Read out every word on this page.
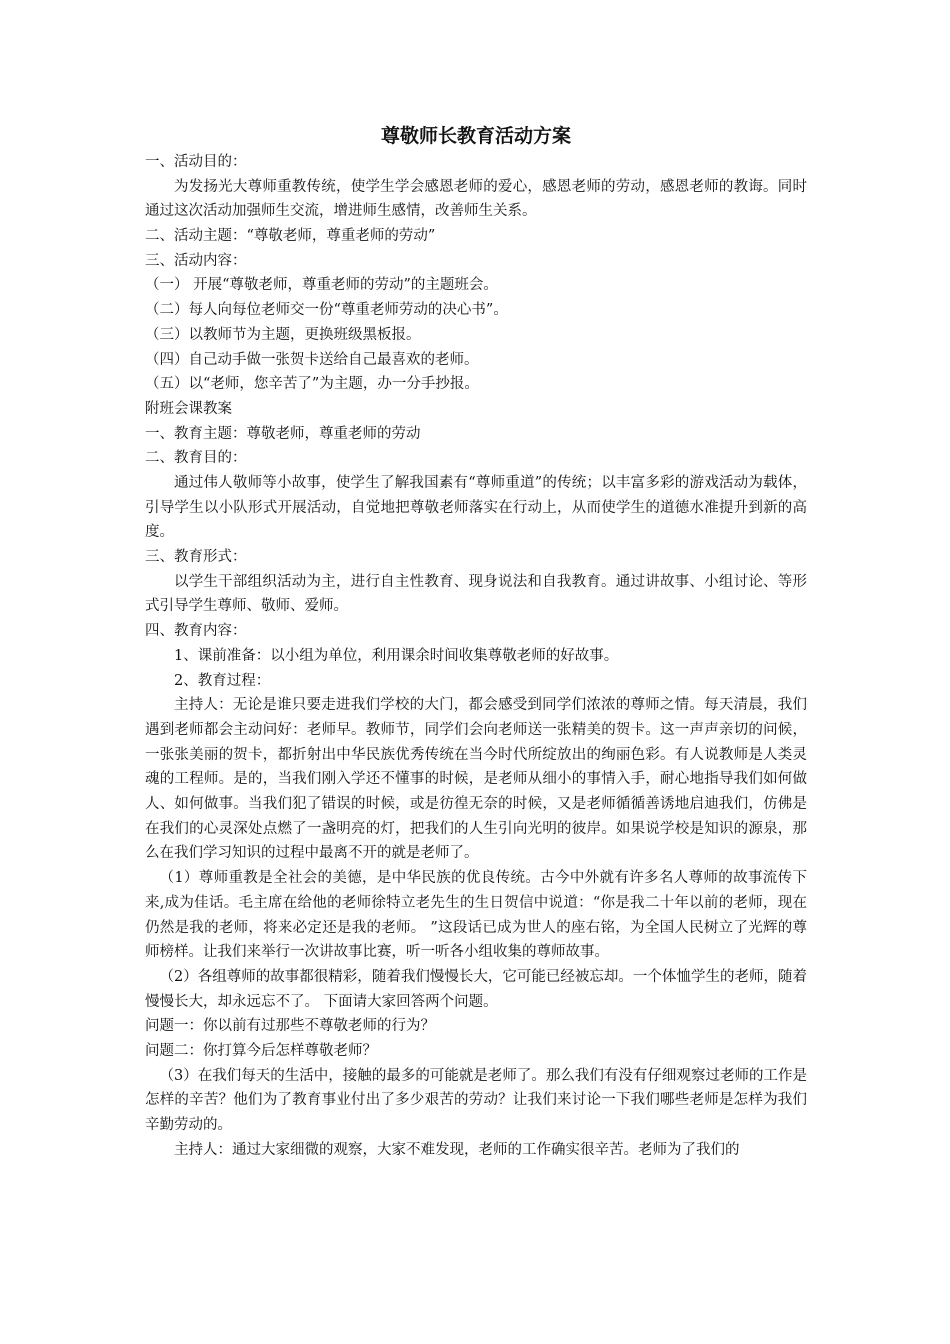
尊敬师长教育活动方案

一、活动目的：

为发扬光大尊师重教传统，使学生学会感恩老师的爱心，感恩老师的劳动，感恩老师的教诲。同时通过这次活动加强师生交流，增进师生感情，改善师生关系。

二、活动主题：“尊敬老师，尊重老师的劳动”

三、活动内容：

（一） 开展“尊敬老师，尊重老师的劳动”的主题班会。

（二）每人向每位老师交一份“尊重老师劳动的决心书”。

（三）以教师节为主题，更换班级黑板报。

（四）自己动手做一张贺卡送给自己最喜欢的老师。

（五）以“老师，您辛苦了”为主题，办一分手抄报。

附班会课教案

一、教育主题：尊敬老师，尊重老师的劳动

二、教育目的：

通过伟人敬师等小故事，使学生了解我国素有“尊师重道”的传统；以丰富多彩的游戏活动为载体，引导学生以小队形式开展活动，自觉地把尊敬老师落实在行动上，从而使学生的道德水准提升到新的高度。

三、教育形式：

以学生干部组织活动为主，进行自主性教育、现身说法和自我教育。通过讲故事、小组讨论、等形式引导学生尊师、敬师、爱师。

四、教育内容：

1、课前准备：以小组为单位，利用课余时间收集尊敬老师的好故事。

2、教育过程：

主持人：无论是谁只要走进我们学校的大门，都会感受到同学们浓浓的尊师之情。每天清晨，我们遇到老师都会主动问好：老师早。教师节，同学们会向老师送一张精美的贺卡。这一声声亲切的问候，一张张美丽的贺卡，都折射出中华民族优秀传统在当今时代所绽放出的绚丽色彩。有人说教师是人类灵魂的工程师。是的，当我们刚入学还不懂事的时候，是老师从细小的事情入手，耐心地指导我们如何做人、如何做事。当我们犯了错误的时候，或是彷徨无奈的时候，又是老师循循善诱地启迪我们，仿佛是在我们的心灵深处点燃了一盏明亮的灯，把我们的人生引向光明的彼岸。如果说学校是知识的源泉，那么在我们学习知识的过程中最离不开的就是老师了。

（1）尊师重教是全社会的美德，是中华民族的优良传统。古今中外就有许多名人尊师的故事流传下来,成为佳话。毛主席在给他的老师徐特立老先生的生日贺信中说道：“你是我二十年以前的老师，现在仍然是我的老师，将来必定还是我的老师。 ”这段话已成为世人的座右铭，为全国人民树立了光辉的尊师榜样。让我们来举行一次讲故事比赛，听一听各小组收集的尊师故事。

（2）各组尊师的故事都很精彩，随着我们慢慢长大，它可能已经被忘却。一个体恤学生的老师，随着慢慢长大，却永远忘不了。 下面请大家回答两个问题。

问题一：你以前有过那些不尊敬老师的行为？

问题二：你打算今后怎样尊敬老师？

（3）在我们每天的生活中，接触的最多的可能就是老师了。那么我们有没有仔细观察过老师的工作是怎样的辛苦？他们为了教育事业付出了多少艰苦的劳动？让我们来讨论一下我们哪些老师是怎样为我们辛勤劳动的。

主持人：通过大家细微的观察，大家不难发现，老师的工作确实很辛苦。老师为了我们的
